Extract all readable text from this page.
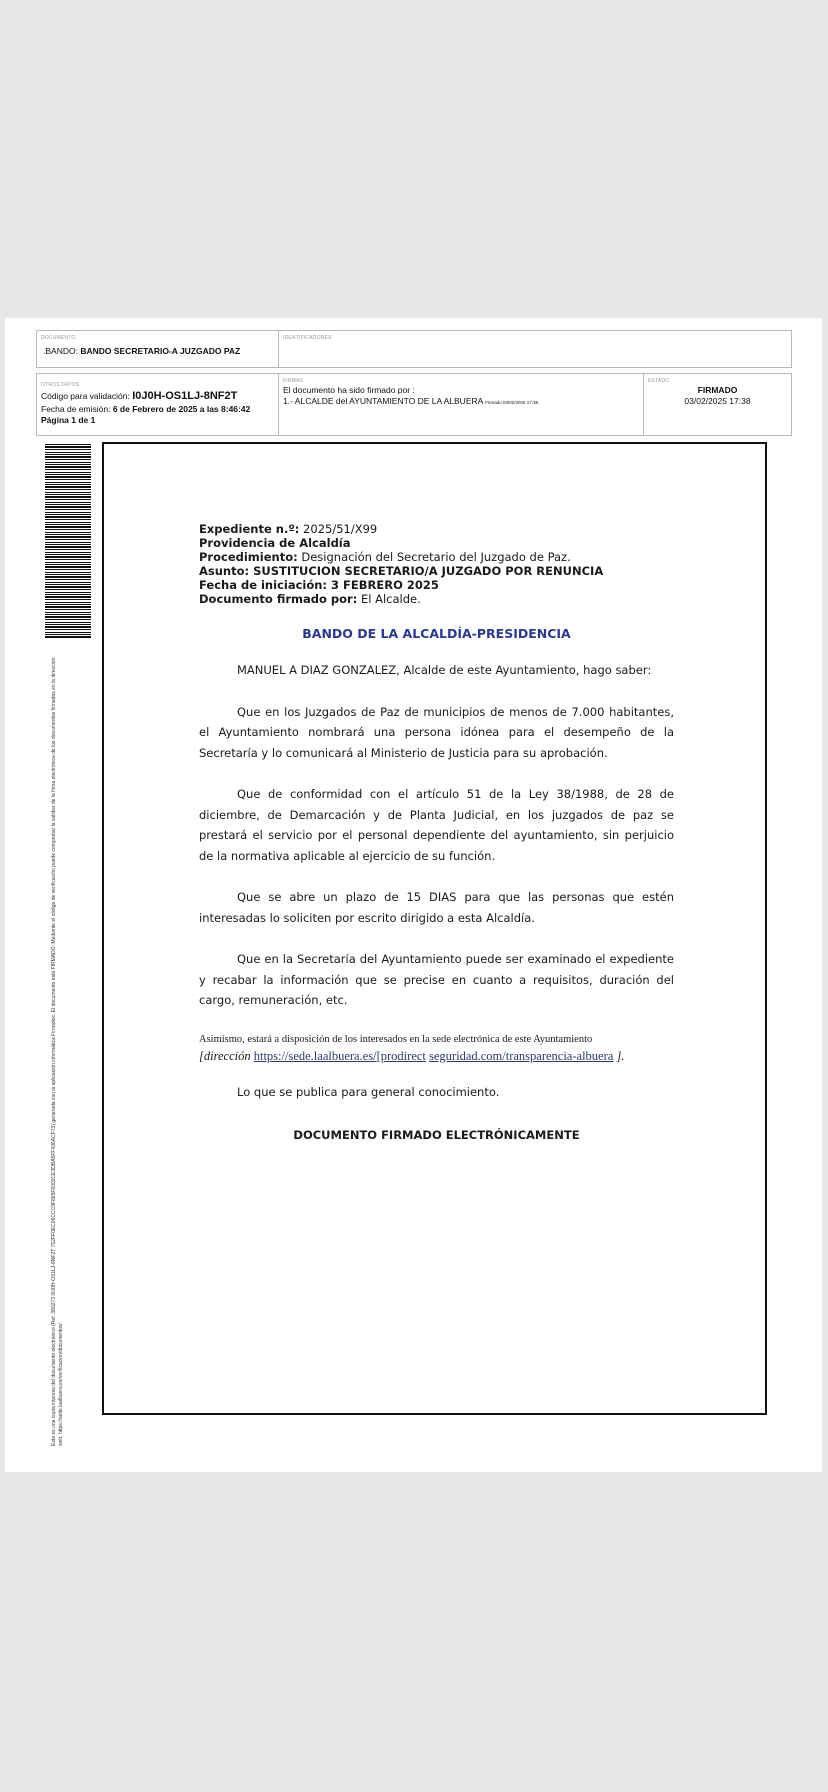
DOCUMENTO
.BANDO: BANDO SECRETARIO-A JUZGADO PAZ
IDENTIFICADORES
OTROS DATOS
Código para validación: I0J0H-OS1LJ-8NF2T
Fecha de emisión: 6 de Febrero de 2025 a las 8:46:42
Página 1 de 1
FIRMAS
El documento ha sido firmado por :
1.- ALCALDE del AYUNTAMIENTO DE LA ALBUERA Firmado 03/02/2025 17:38
ESTADO
FIRMADO
03/02/2025 17:38
Esta es una copia impresa del documento electrónico (Ref: 380273 I0J0H-OS1LJ-8NF2T 752FF0EC06CCC9F865F6002CE3DBA5FF436ACF73) generada con la aplicación informática Firmadoc. El documento está FIRMADO. Mediante el código de verificación puede comprobar la validez de la firma electrónica de los documentos firmados en la dirección web: https://sede.laalbuera.es/verificacion/documentos/
Expediente n.º: 2025/51/X99
Providencia de Alcaldía
Procedimiento: Designación del Secretario del Juzgado de Paz.
Asunto: SUSTITUCION SECRETARIO/A JUZGADO POR RENUNCIA
Fecha de iniciación: 3 FEBRERO 2025
Documento firmado por: El Alcalde.
BANDO DE LA ALCALDÍA-PRESIDENCIA

MANUEL A DIAZ GONZALEZ, Alcalde de este Ayuntamiento, hago saber:

Que en los Juzgados de Paz de municipios de menos de 7.000 habitantes, el Ayuntamiento nombrará una persona idónea para el desempeño de la Secretaría y lo comunicará al Ministerio de Justicia para su aprobación.

Que de conformidad con el artículo 51 de la Ley 38/1988, de 28 de diciembre, de Demarcación y de Planta Judicial, en los juzgados de paz se prestará el servicio por el personal dependiente del ayuntamiento, sin perjuicio de la normativa aplicable al ejercicio de su función.

Que se abre un plazo de 15 DIAS para que las personas que estén interesadas lo soliciten por escrito dirigido a esta Alcaldía.

Que en la Secretaría del Ayuntamiento puede ser examinado el expediente y recabar la información que se precise en cuanto a requisitos, duración del cargo, remuneración, etc.

Asimismo, estará a disposición de los interesados en la sede electrónica de este Ayuntamiento

[dirección https://sede.laalbuera.es/[prodirect seguridad.com/transparencia-albuera ].

Lo que se publica para general conocimiento.

DOCUMENTO FIRMADO ELECTRÓNICAMENTE
